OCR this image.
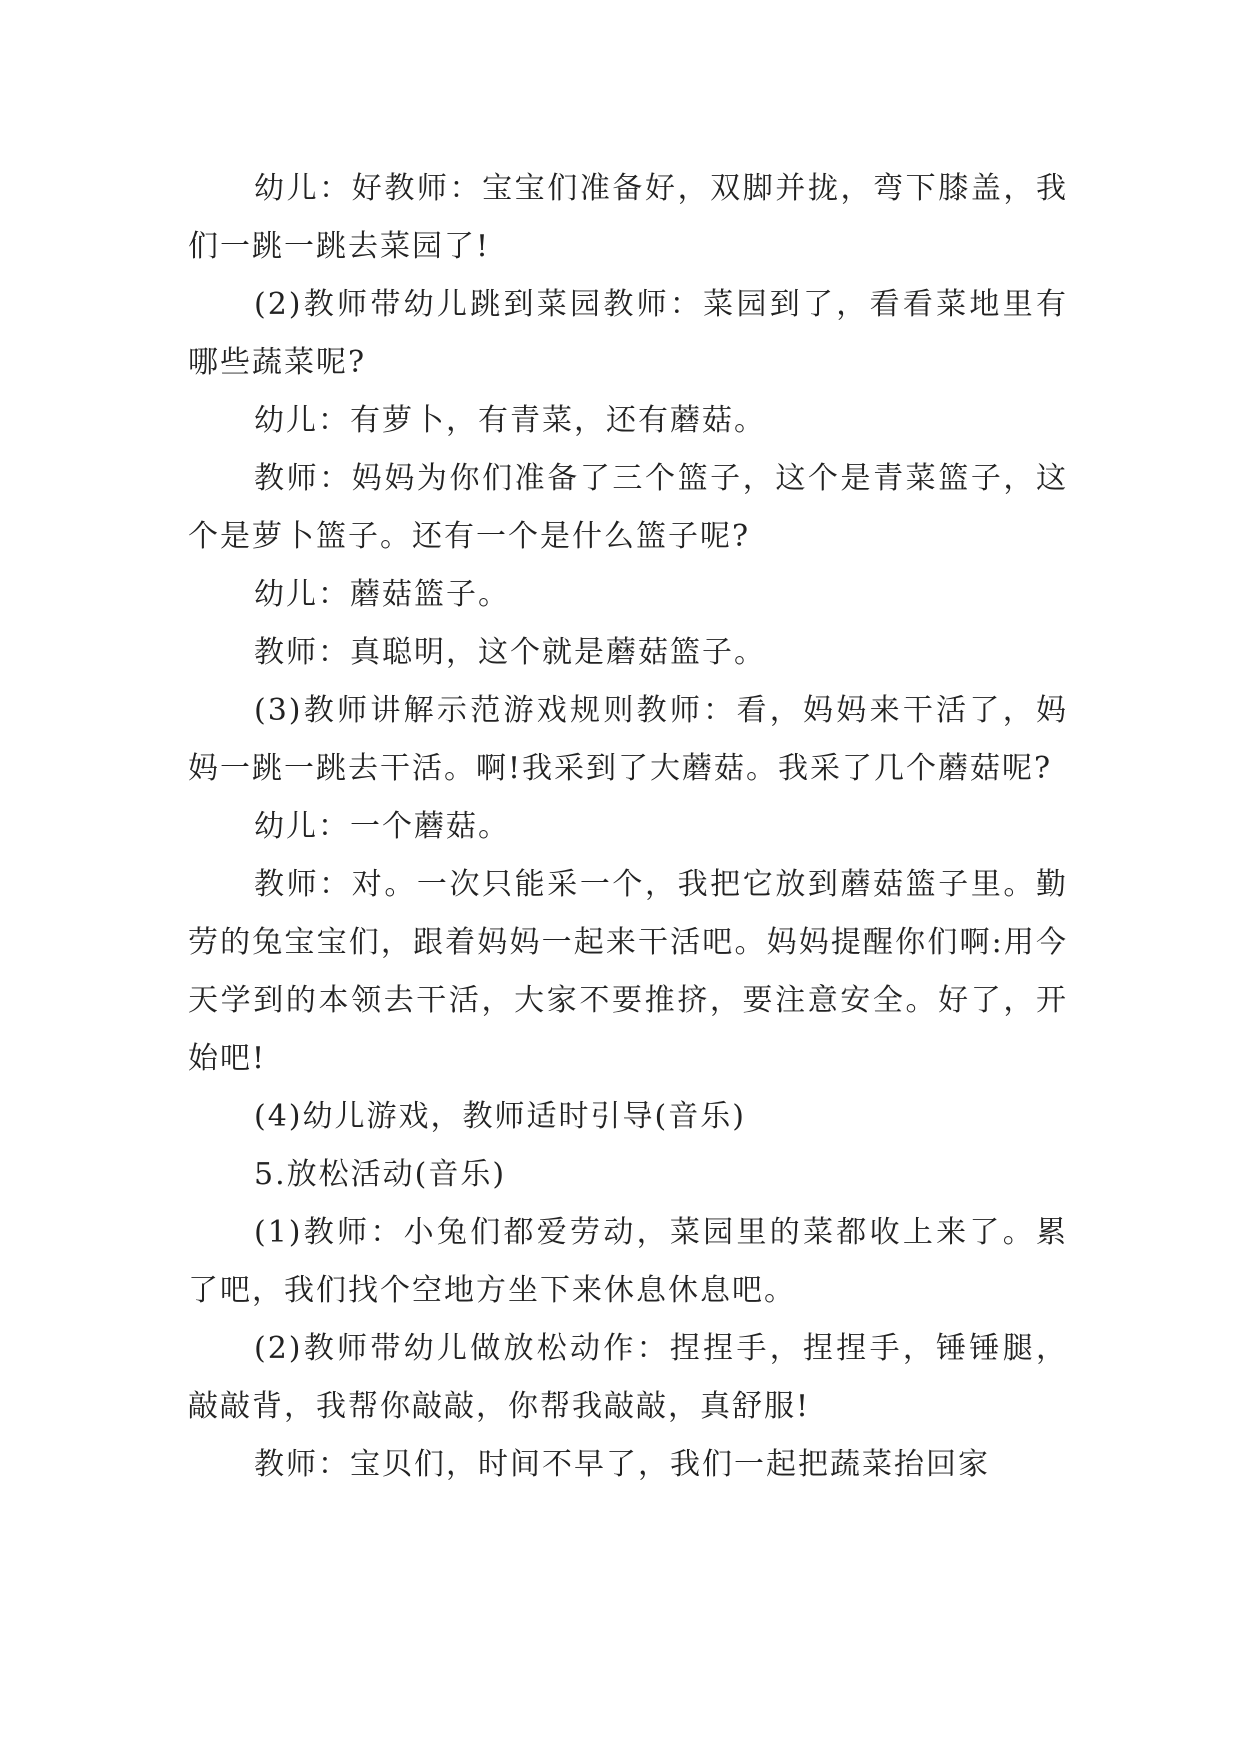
幼儿：好教师：宝宝们准备好，双脚并拢，弯下膝盖，我们一跳一跳去菜园了!

(2)教师带幼儿跳到菜园教师：菜园到了，看看菜地里有哪些蔬菜呢?

幼儿：有萝卜，有青菜，还有蘑菇。

教师：妈妈为你们准备了三个篮子，这个是青菜篮子，这个是萝卜篮子。还有一个是什么篮子呢?

幼儿：蘑菇篮子。

教师：真聪明，这个就是蘑菇篮子。

(3)教师讲解示范游戏规则教师：看，妈妈来干活了，妈妈一跳一跳去干活。啊!我采到了大蘑菇。我采了几个蘑菇呢?

幼儿：一个蘑菇。

教师：对。一次只能采一个，我把它放到蘑菇篮子里。勤劳的兔宝宝们，跟着妈妈一起来干活吧。妈妈提醒你们啊:用今天学到的本领去干活，大家不要推挤，要注意安全。好了，开始吧!

(4)幼儿游戏，教师适时引导(音乐)

5.放松活动(音乐)

(1)教师：小兔们都爱劳动，菜园里的菜都收上来了。累了吧，我们找个空地方坐下来休息休息吧。

(2)教师带幼儿做放松动作：捏捏手，捏捏手，锤锤腿，敲敲背，我帮你敲敲，你帮我敲敲，真舒服!

教师：宝贝们，时间不早了，我们一起把蔬菜抬回家
